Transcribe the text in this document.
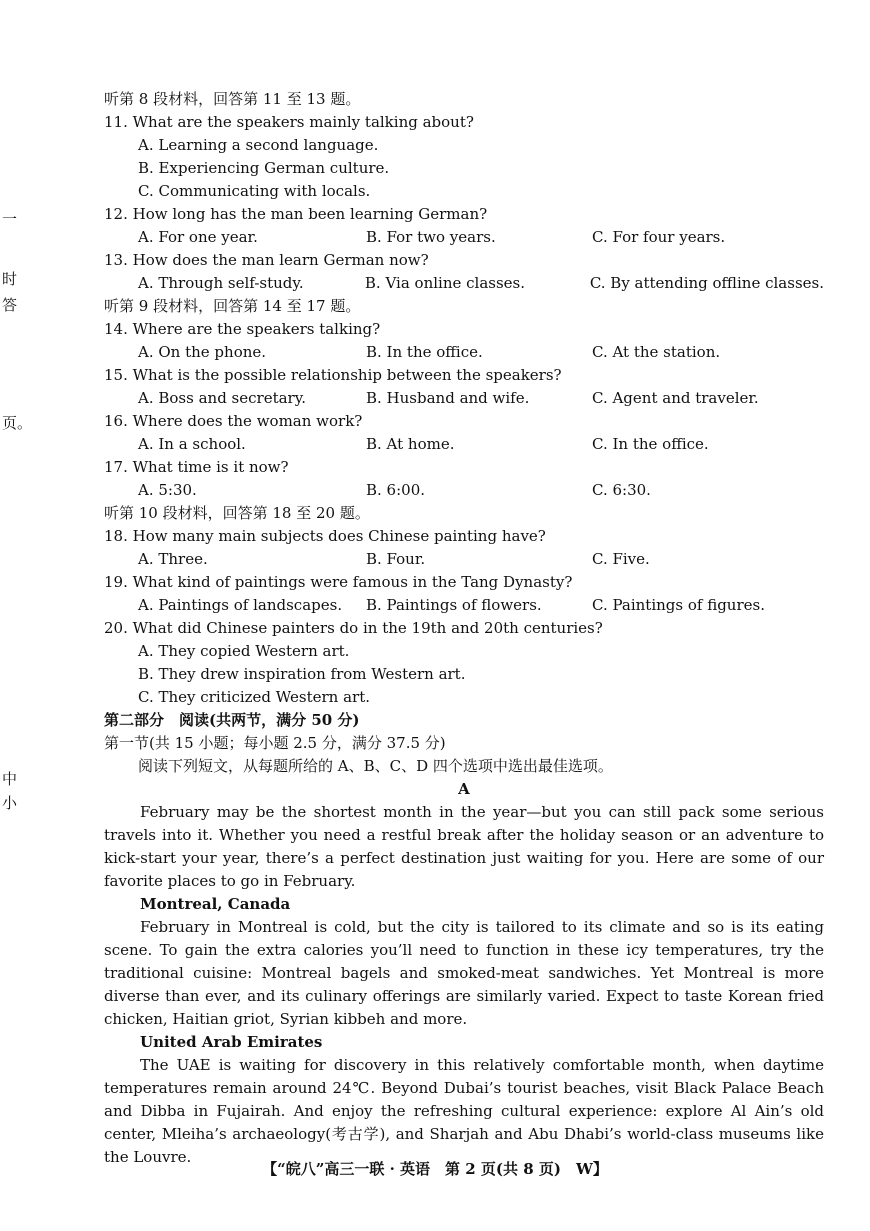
一
时
答
页。
中
小
听第 8 段材料，回答第 11 至 13 题。
11. What are the speakers mainly talking about?
A. Learning a second language.
B. Experiencing German culture.
C. Communicating with locals.
12. How long has the man been learning German?
A. For one year.	B. For two years.	C. For four years.
13. How does the man learn German now?
A. Through self-study.	B. Via online classes.	C. By attending offline classes.
听第 9 段材料，回答第 14 至 17 题。
14. Where are the speakers talking?
A. On the phone.	B. In the office.	C. At the station.
15. What is the possible relationship between the speakers?
A. Boss and secretary.	B. Husband and wife.	C. Agent and traveler.
16. Where does the woman work?
A. In a school.	B. At home.	C. In the office.
17. What time is it now?
A. 5:30.	B. 6:00.	C. 6:30.
听第 10 段材料，回答第 18 至 20 题。
18. How many main subjects does Chinese painting have?
A. Three.	B. Four.	C. Five.
19. What kind of paintings were famous in the Tang Dynasty?
A. Paintings of landscapes.	B. Paintings of flowers.	C. Paintings of figures.
20. What did Chinese painters do in the 19th and 20th centuries?
A. They copied Western art.
B. They drew inspiration from Western art.
C. They criticized Western art.
第二部分　阅读(共两节，满分 50 分)
第一节(共 15 小题；每小题 2.5 分，满分 37.5 分)
阅读下列短文，从每题所给的 A、B、C、D 四个选项中选出最佳选项。
A

February may be the shortest month in the year—but you can still pack some serious travels into it. Whether you need a restful break after the holiday season or an adventure to kick-start your year, there’s a perfect destination just waiting for you. Here are some of our favorite places to go in February.

Montreal, Canada

February in Montreal is cold, but the city is tailored to its climate and so is its eating scene. To gain the extra calories you’ll need to function in these icy temperatures, try the traditional cuisine: Montreal bagels and smoked-meat sandwiches. Yet Montreal is more diverse than ever, and its culinary offerings are similarly varied. Expect to taste Korean fried chicken, Haitian griot, Syrian kibbeh and more.

United Arab Emirates

The UAE is waiting for discovery in this relatively comfortable month, when daytime temperatures remain around 24℃. Beyond Dubai’s tourist beaches, visit Black Palace Beach and Dibba in Fujairah. And enjoy the refreshing cultural experience: explore Al Ain’s old center, Mleiha’s archaeology(考古学), and Sharjah and Abu Dhabi’s world-class museums like the Louvre.

【“皖八”高三一联 · 英语　第 2 页(共 8 页)　W】
